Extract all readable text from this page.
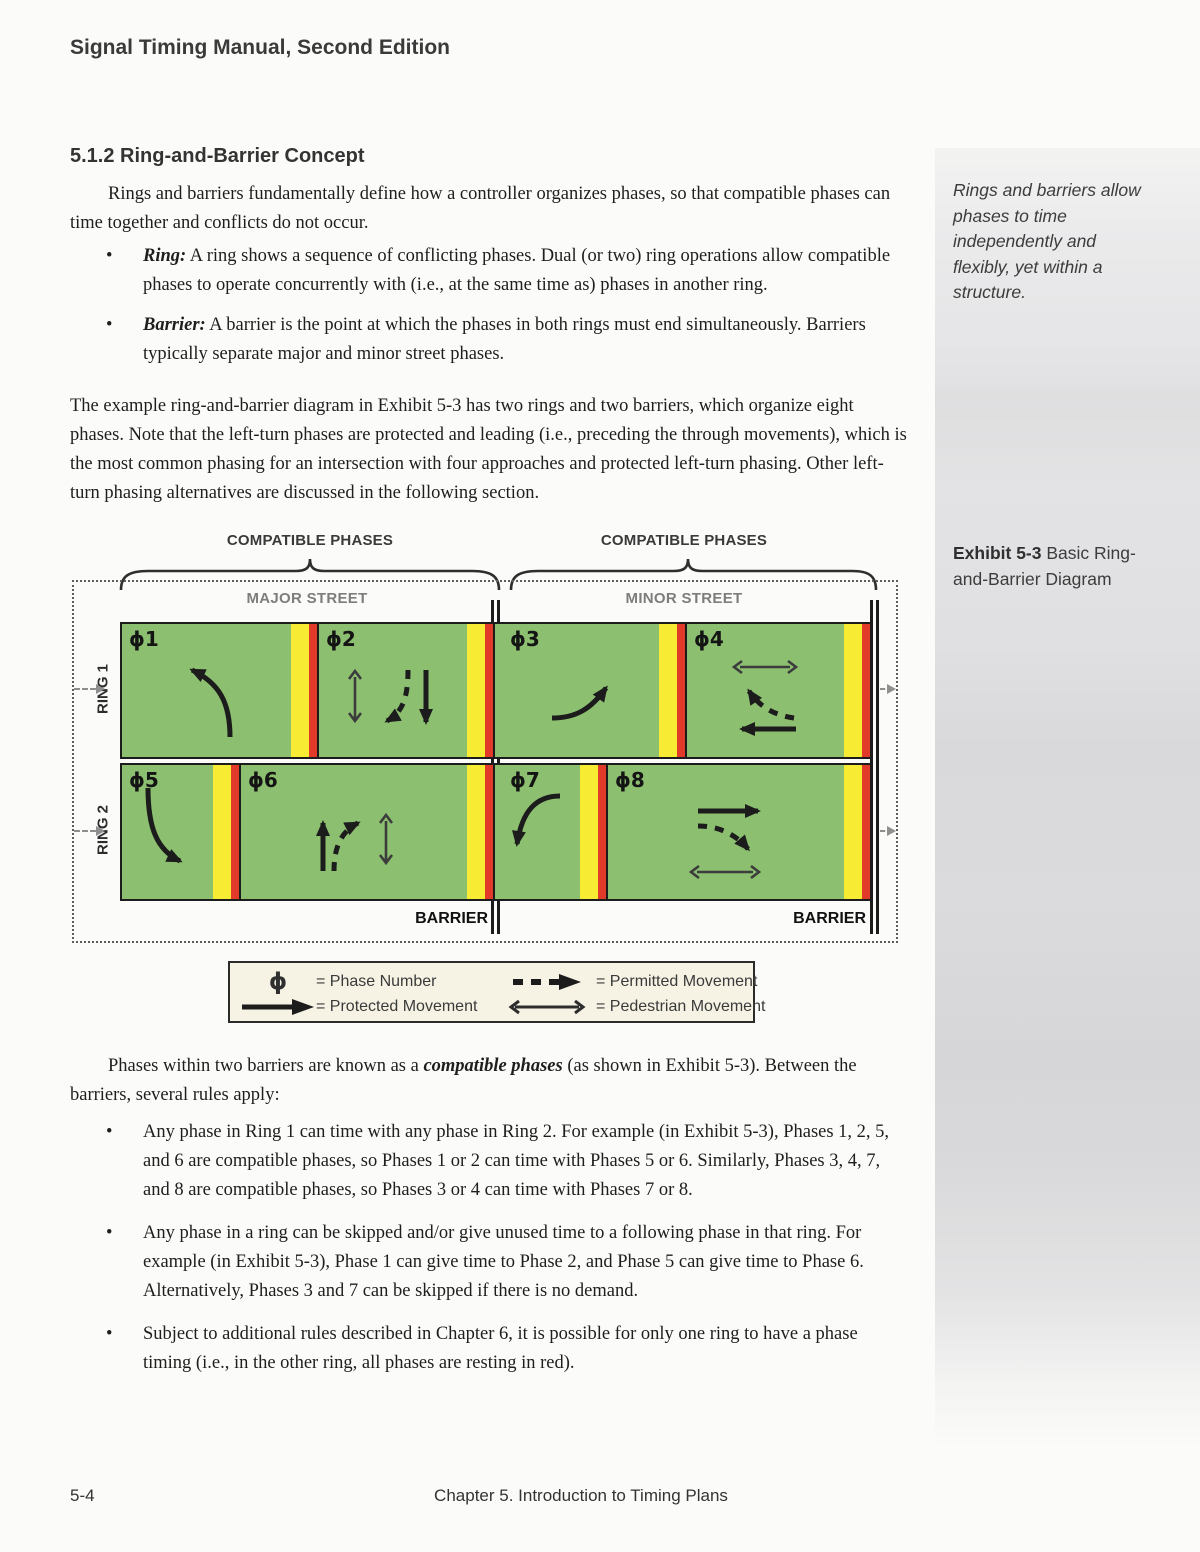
Rings and barriers allow phases to time independently and flexibly, yet within a structure.
Exhibit 5-3 Basic Ring-and-Barrier Diagram
Signal Timing Manual, Second Edition
5.1.2 Ring-and-Barrier Concept
Rings and barriers fundamentally define how a controller organizes phases, so that compatible phases can time together and conflicts do not occur.
• Ring: A ring shows a sequence of conflicting phases. Dual (or two) ring operations allow compatible phases to operate concurrently with (i.e., at the same time as) phases in another ring.
• Barrier: A barrier is the point at which the phases in both rings must end simultaneously. Barriers typically separate major and minor street phases.
The example ring-and-barrier diagram in Exhibit 5-3 has two rings and two barriers, which organize eight phases. Note that the left-turn phases are protected and leading (i.e., preceding the through movements), which is the most common phasing for an intersection with four approaches and protected left-turn phasing. Other left-turn phasing alternatives are discussed in the following section.
COMPATIBLE PHASES	COMPATIBLE PHASES
MAJOR STREET	MINOR STREET
ϕ1	ϕ2	ϕ3	ϕ4
ϕ5	ϕ6	ϕ7	ϕ8
RING 1
RING 2
BARRIER	BARRIER
ϕ	= Phase Number	= Permitted Movement
= Protected Movement	= Pedestrian Movement
Phases within two barriers are known as a compatible phases (as shown in Exhibit 5-3). Between the barriers, several rules apply:
• Any phase in Ring 1 can time with any phase in Ring 2. For example (in Exhibit 5-3), Phases 1, 2, 5, and 6 are compatible phases, so Phases 1 or 2 can time with Phases 5 or 6. Similarly, Phases 3, 4, 7, and 8 are compatible phases, so Phases 3 or 4 can time with Phases 7 or 8.
• Any phase in a ring can be skipped and/or give unused time to a following phase in that ring. For example (in Exhibit 5-3), Phase 1 can give time to Phase 2, and Phase 5 can give time to Phase 6. Alternatively, Phases 3 and 7 can be skipped if there is no demand.
• Subject to additional rules described in Chapter 6, it is possible for only one ring to have a phase timing (i.e., in the other ring, all phases are resting in red).
5-4	Chapter 5. Introduction to Timing Plans
